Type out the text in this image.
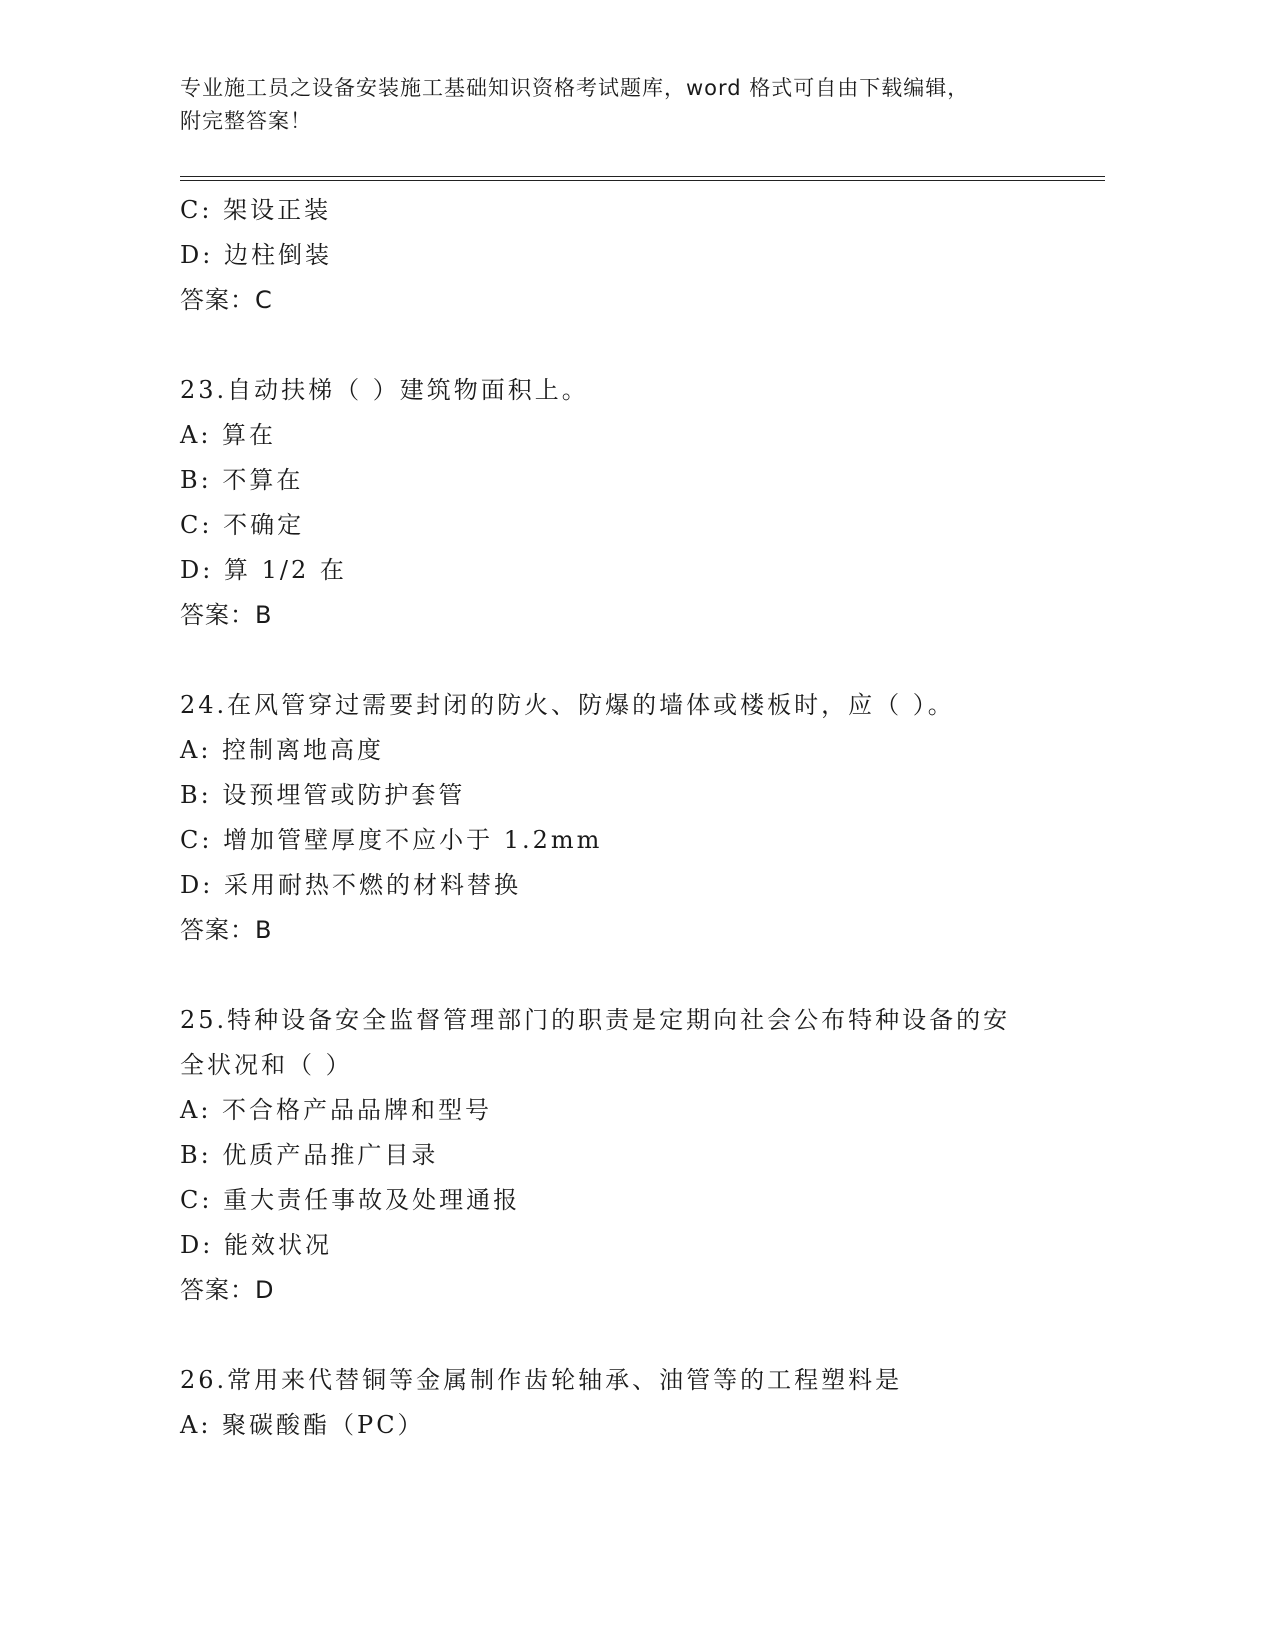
专业施工员之设备安装施工基础知识资格考试题库，word 格式可自由下载编辑，
附完整答案！
C: 架设正装
D: 边柱倒装
答案：C
23.自动扶梯（ ）建筑物面积上。
A: 算在
B: 不算在
C: 不确定
D: 算 1/2 在
答案：B
24.在风管穿过需要封闭的防火、防爆的墙体或楼板时，应（ ）。
A: 控制离地高度
B: 设预埋管或防护套管
C: 增加管壁厚度不应小于 1.2mm
D: 采用耐热不燃的材料替换
答案：B
25.特种设备安全监督管理部门的职责是定期向社会公布特种设备的安
全状况和（ ）
A: 不合格产品品牌和型号
B: 优质产品推广目录
C: 重大责任事故及处理通报
D: 能效状况
答案：D
26.常用来代替铜等金属制作齿轮轴承、油管等的工程塑料是
A: 聚碳酸酯（PC）
